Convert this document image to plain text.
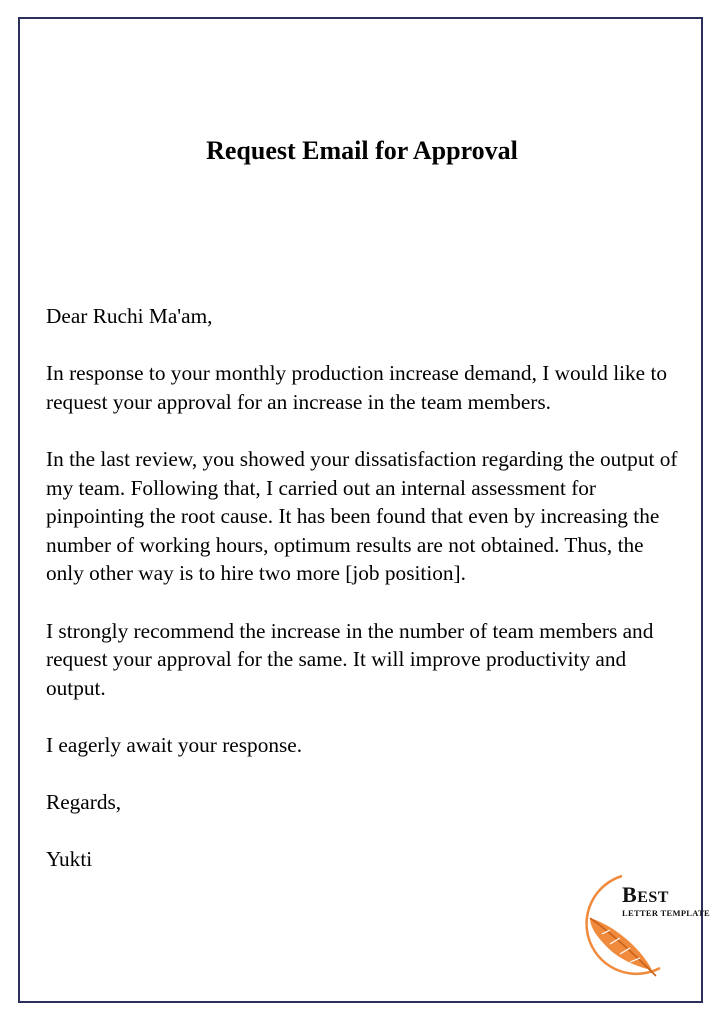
Request Email for Approval

Dear Ruchi Ma'am,

In response to your monthly production increase demand, I would like to request your approval for an increase in the team members.

In the last review, you showed your dissatisfaction regarding the output of my team. Following that, I carried out an internal assessment for pinpointing the root cause. It has been found that even by increasing the number of working hours, optimum results are not obtained. Thus, the only other way is to hire two more [job position].

I strongly recommend the increase in the number of team members and request your approval for the same. It will improve productivity and output.

I eagerly await your response.

Regards,

Yukti

BEST
LETTER TEMPLATE
